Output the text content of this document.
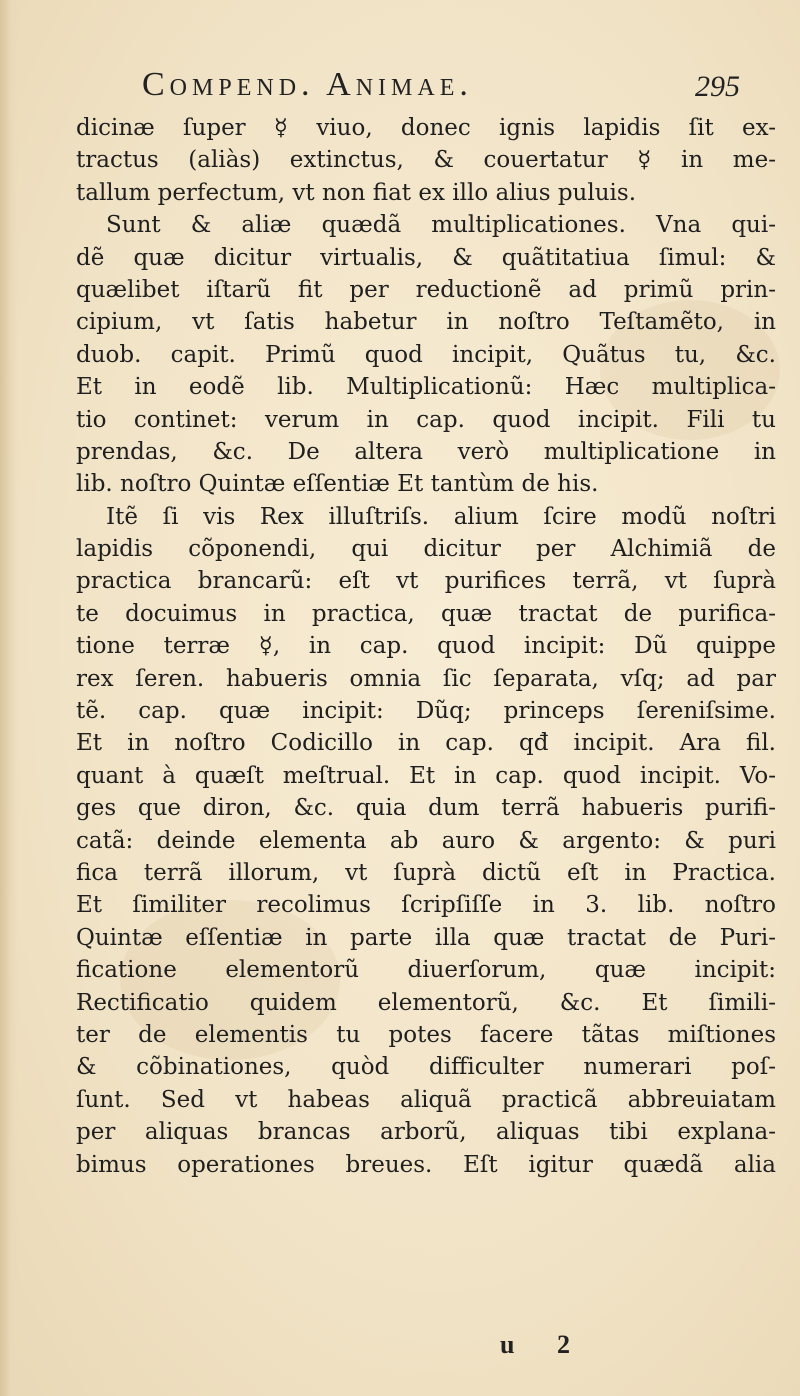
Compend. Animae.	295
dicinæ ſuper ☿ viuo, donec ignis lapidis ſit ex-
tractus (aliàs) extinctus, & couertatur ☿ in me-
tallum perfectum, vt non fiat ex illo alius puluis.
Sunt & aliæ quædã multiplicationes. Vna qui-
dẽ quæ dicitur virtualis, & quãtitatiua ſimul: &
quælibet iſtarũ fit per reductionẽ ad primũ prin-
cipium, vt ſatis habetur in noſtro Teſtamẽto, in
duob. capit. Primũ quod incipit, Quãtus tu, &c.
Et in eodẽ lib. Multiplicationũ: Hæc multiplica-
tio continet: verum in cap. quod incipit. Fili tu
prendas, &c. De altera verò multiplicatione in
lib. noſtro Quintæ eſſentiæ Et tantùm de his.
Itẽ ſi vis Rex illuſtriſs. alium ſcire modũ noſtri
lapidis cõponendi, qui dicitur per Alchimiã de
practica brancarũ: eſt vt purifices terrã, vt ſuprà
te docuimus in practica, quæ tractat de purifica-
tione terræ ☿, in cap. quod incipit: Dũ quippe
rex ſeren. habueris omnia ſic ſeparata, vſq; ad par
tẽ. cap. quæ incipit: Dũq; princeps ſereniſsime.
Et in noſtro Codicillo in cap. qđ incipit. Ara fil.
quant à quæſt meſtrual. Et in cap. quod incipit. Vo-
ges que diron, &c. quia dum terrã habueris purifi-
catã: deinde elementa ab auro & argento: & puri
fica terrã illorum, vt ſuprà dictũ eſt in Practica.
Et ſimiliter recolimus ſcripſiſſe in 3. lib. noſtro
Quintæ eſſentiæ in parte illa quæ tractat de Puri-
ficatione elementorũ diuerſorum, quæ incipit:
Rectificatio quidem elementorũ, &c. Et ſimili-
ter de elementis tu potes facere tãtas miſtiones
& cõbinationes, quòd difficulter numerari poſ-
ſunt. Sed vt habeas aliquã practicã abbreuiatam
per aliquas brancas arborũ, aliquas tibi explana-
bimus operationes breues. Eſt igitur quædã alia
u 2
